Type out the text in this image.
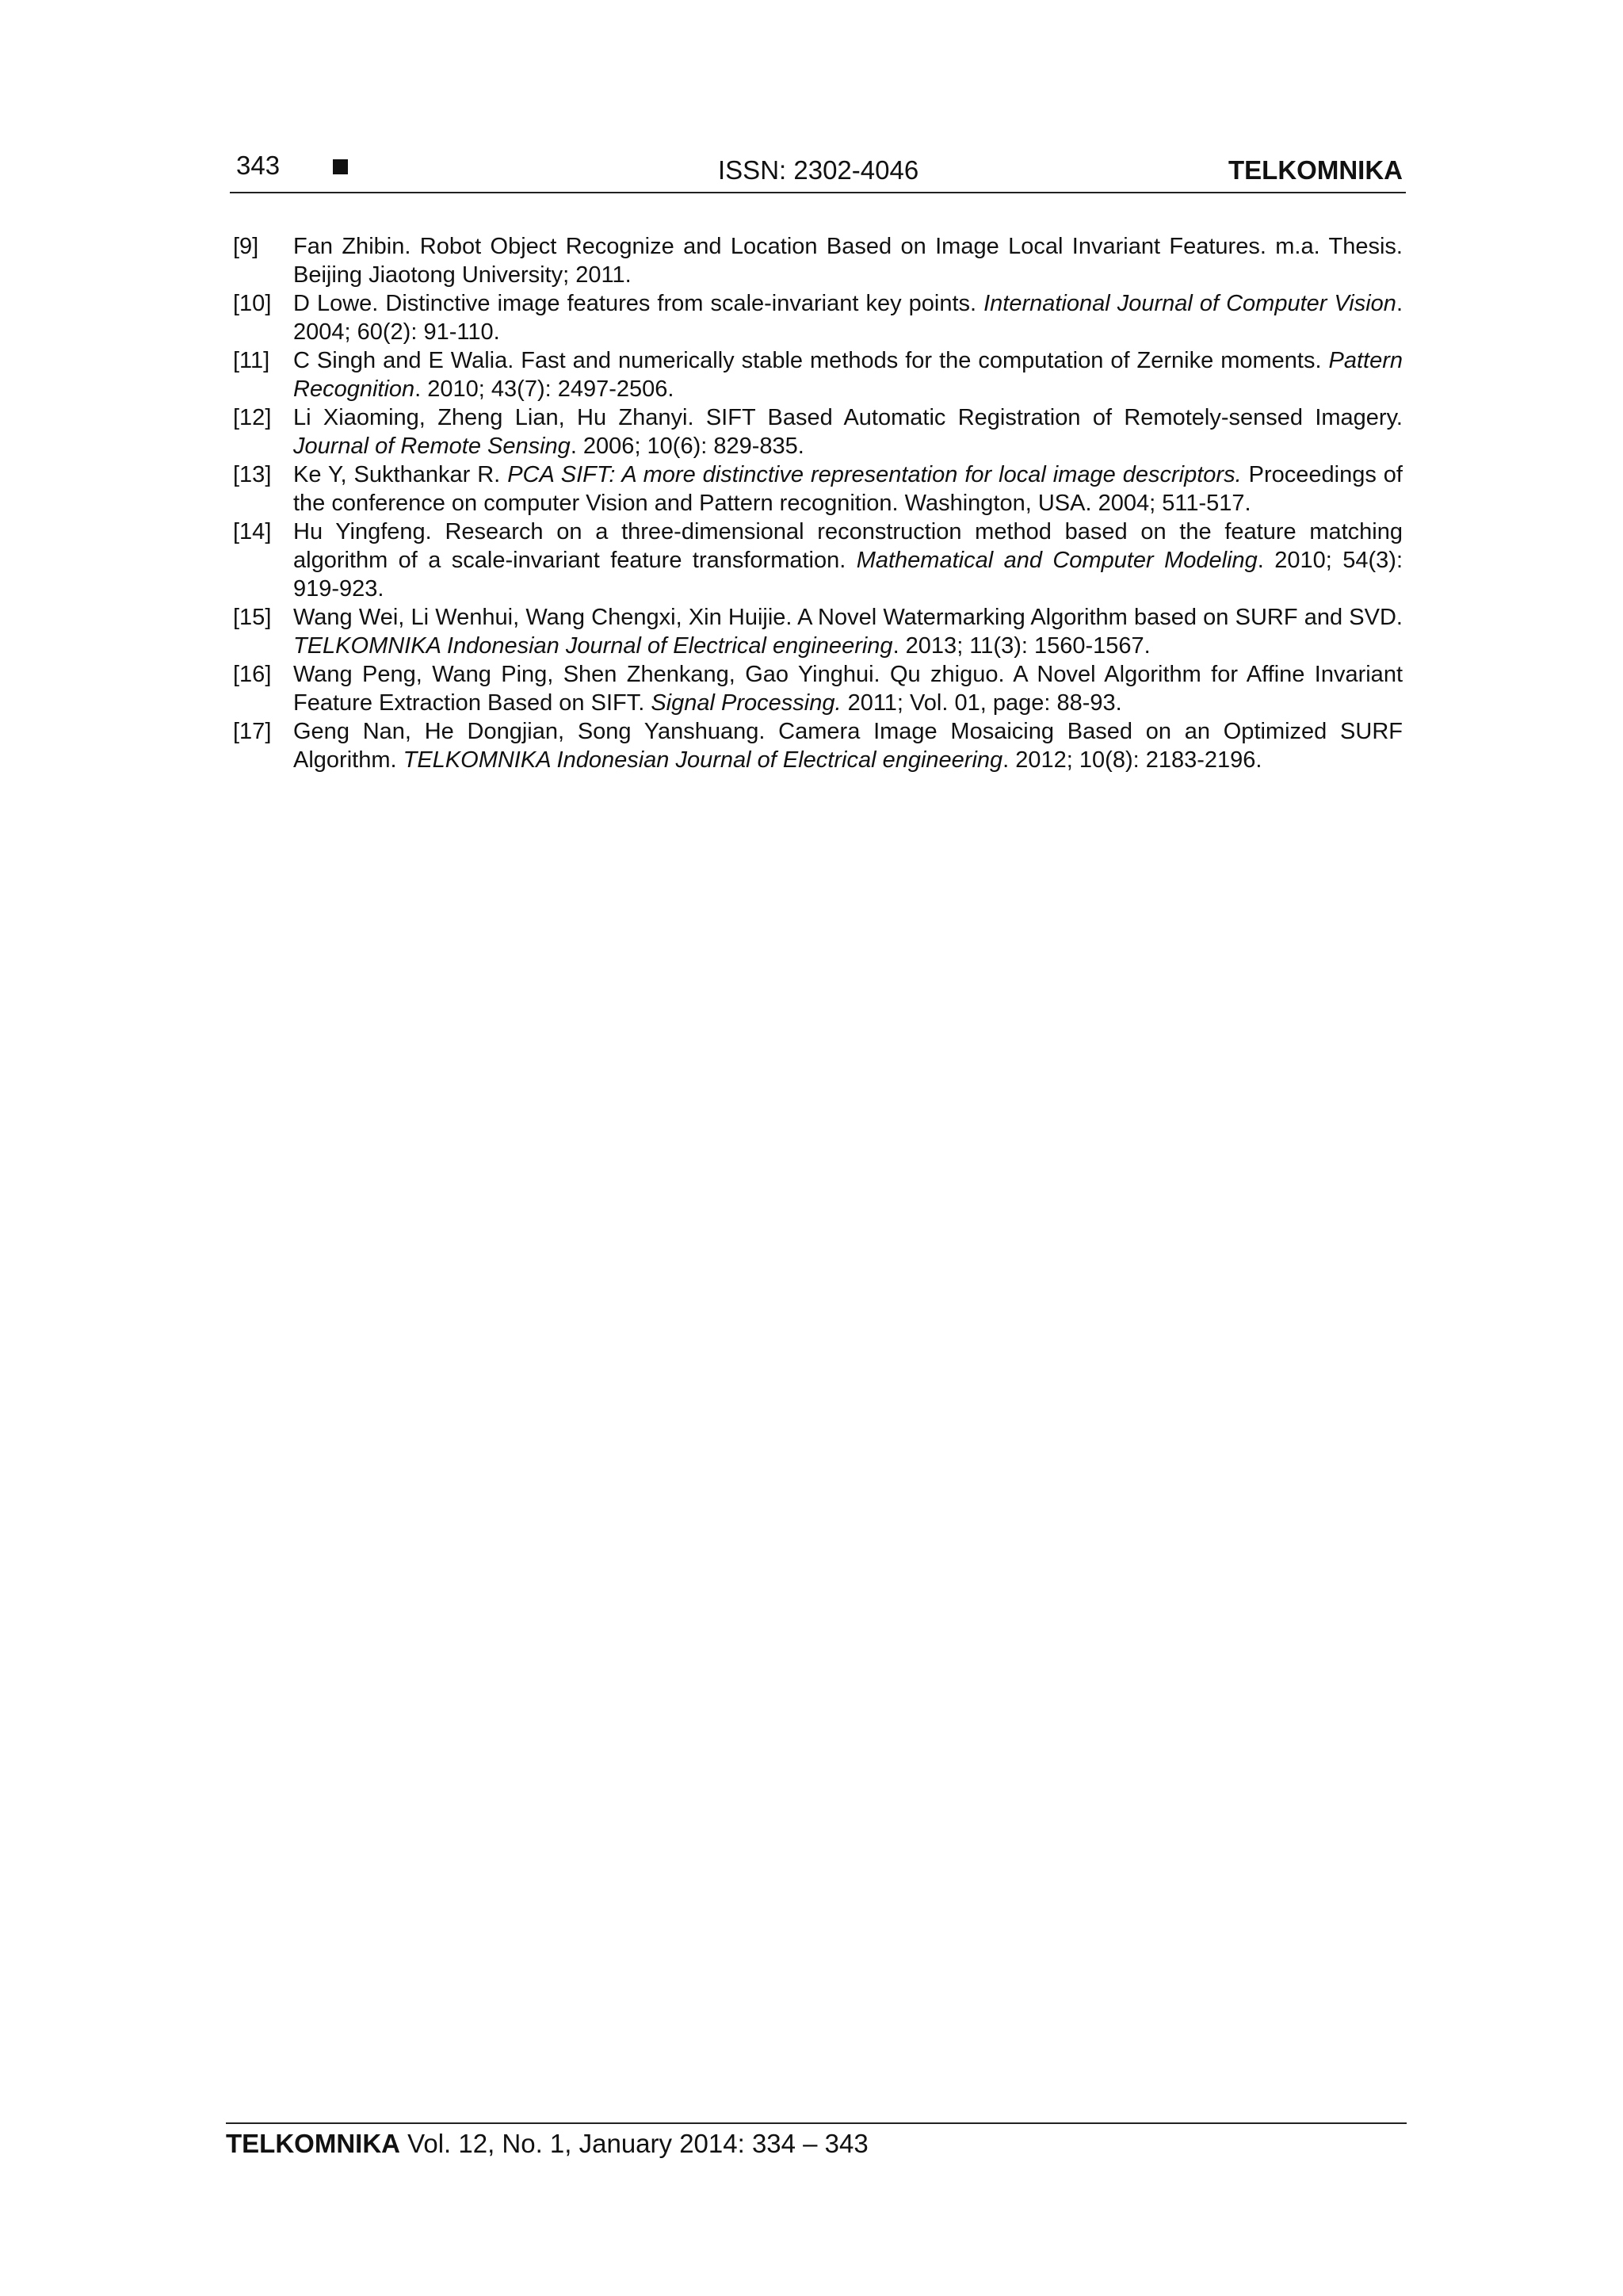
343	ISSN: 2302-4046	TELKOMNIKA
[9] Fan Zhibin. Robot Object Recognize and Location Based on Image Local Invariant Features. m.a. Thesis. Beijing Jiaotong University; 2011.
[10] D Lowe. Distinctive image features from scale-invariant key points. International Journal of Computer Vision. 2004; 60(2): 91-110.
[11] C Singh and E Walia. Fast and numerically stable methods for the computation of Zernike moments. Pattern Recognition. 2010; 43(7): 2497-2506.
[12] Li Xiaoming, Zheng Lian, Hu Zhanyi. SIFT Based Automatic Registration of Remotely-sensed Imagery. Journal of Remote Sensing. 2006; 10(6): 829-835.
[13] Ke Y, Sukthankar R. PCA SIFT: A more distinctive representation for local image descriptors. Proceedings of the conference on computer Vision and Pattern recognition. Washington, USA. 2004; 511-517.
[14] Hu Yingfeng. Research on a three-dimensional reconstruction method based on the feature matching algorithm of a scale-invariant feature transformation. Mathematical and Computer Modeling. 2010; 54(3): 919-923.
[15] Wang Wei, Li Wenhui, Wang Chengxi, Xin Huijie. A Novel Watermarking Algorithm based on SURF and SVD. TELKOMNIKA Indonesian Journal of Electrical engineering. 2013; 11(3): 1560-1567.
[16] Wang Peng, Wang Ping, Shen Zhenkang, Gao Yinghui. Qu zhiguo. A Novel Algorithm for Affine Invariant Feature Extraction Based on SIFT. Signal Processing. 2011; Vol. 01, page: 88-93.
[17] Geng Nan, He Dongjian, Song Yanshuang. Camera Image Mosaicing Based on an Optimized SURF Algorithm. TELKOMNIKA Indonesian Journal of Electrical engineering. 2012; 10(8): 2183-2196.
TELKOMNIKA Vol. 12, No. 1, January 2014: 334 – 343
